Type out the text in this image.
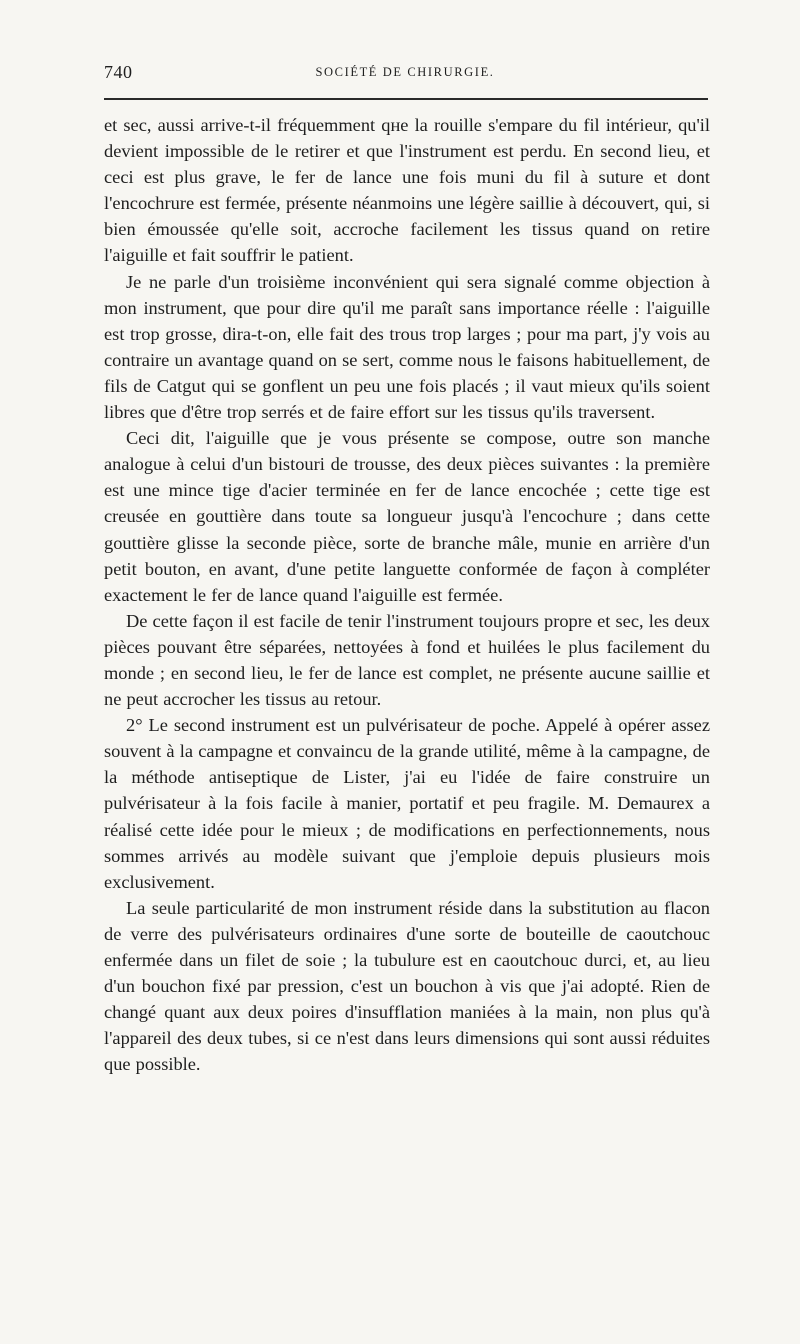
740	SOCIÉTÉ DE CHIRURGIE.

et sec, aussi arrive-t-il fréquemment qне la rouille s'empare du fil intérieur, qu'il devient impossible de le retirer et que l'instrument est perdu. En second lieu, et ceci est plus grave, le fer de lance une fois muni du fil à suture et dont l'encochrure est fermée, présente néanmoins une légère saillie à découvert, qui, si bien émoussée qu'elle soit, accroche facilement les tissus quand on retire l'aiguille et fait souffrir le patient.

Je ne parle d'un troisième inconvénient qui sera signalé comme objection à mon instrument, que pour dire qu'il me paraît sans importance réelle : l'aiguille est trop grosse, dira-t-on, elle fait des trous trop larges ; pour ma part, j'y vois au contraire un avantage quand on se sert, comme nous le faisons habituellement, de fils de Catgut qui se gonflent un peu une fois placés ; il vaut mieux qu'ils soient libres que d'être trop serrés et de faire effort sur les tissus qu'ils traversent.

Ceci dit, l'aiguille que je vous présente se compose, outre son manche analogue à celui d'un bistouri de trousse, des deux pièces suivantes : la première est une mince tige d'acier terminée en fer de lance encochée ; cette tige est creusée en gouttière dans toute sa longueur jusqu'à l'encochure ; dans cette gouttière glisse la seconde pièce, sorte de branche mâle, munie en arrière d'un petit bouton, en avant, d'une petite languette conformée de façon à compléter exactement le fer de lance quand l'aiguille est fermée.

De cette façon il est facile de tenir l'instrument toujours propre et sec, les deux pièces pouvant être séparées, nettoyées à fond et huilées le plus facilement du monde ; en second lieu, le fer de lance est complet, ne présente aucune saillie et ne peut accrocher les tissus au retour.

2° Le second instrument est un pulvérisateur de poche. Appelé à opérer assez souvent à la campagne et convaincu de la grande utilité, même à la campagne, de la méthode antiseptique de Lister, j'ai eu l'idée de faire construire un pulvérisateur à la fois facile à manier, portatif et peu fragile. M. Demaurex a réalisé cette idée pour le mieux ; de modifications en perfectionnements, nous sommes arrivés au modèle suivant que j'emploie depuis plusieurs mois exclusivement.

La seule particularité de mon instrument réside dans la substitution au flacon de verre des pulvérisateurs ordinaires d'une sorte de bouteille de caoutchouc enfermée dans un filet de soie ; la tubulure est en caoutchouc durci, et, au lieu d'un bouchon fixé par pression, c'est un bouchon à vis que j'ai adopté. Rien de changé quant aux deux poires d'insufflation maniées à la main, non plus qu'à l'appareil des deux tubes, si ce n'est dans leurs dimensions qui sont aussi réduites que possible.
